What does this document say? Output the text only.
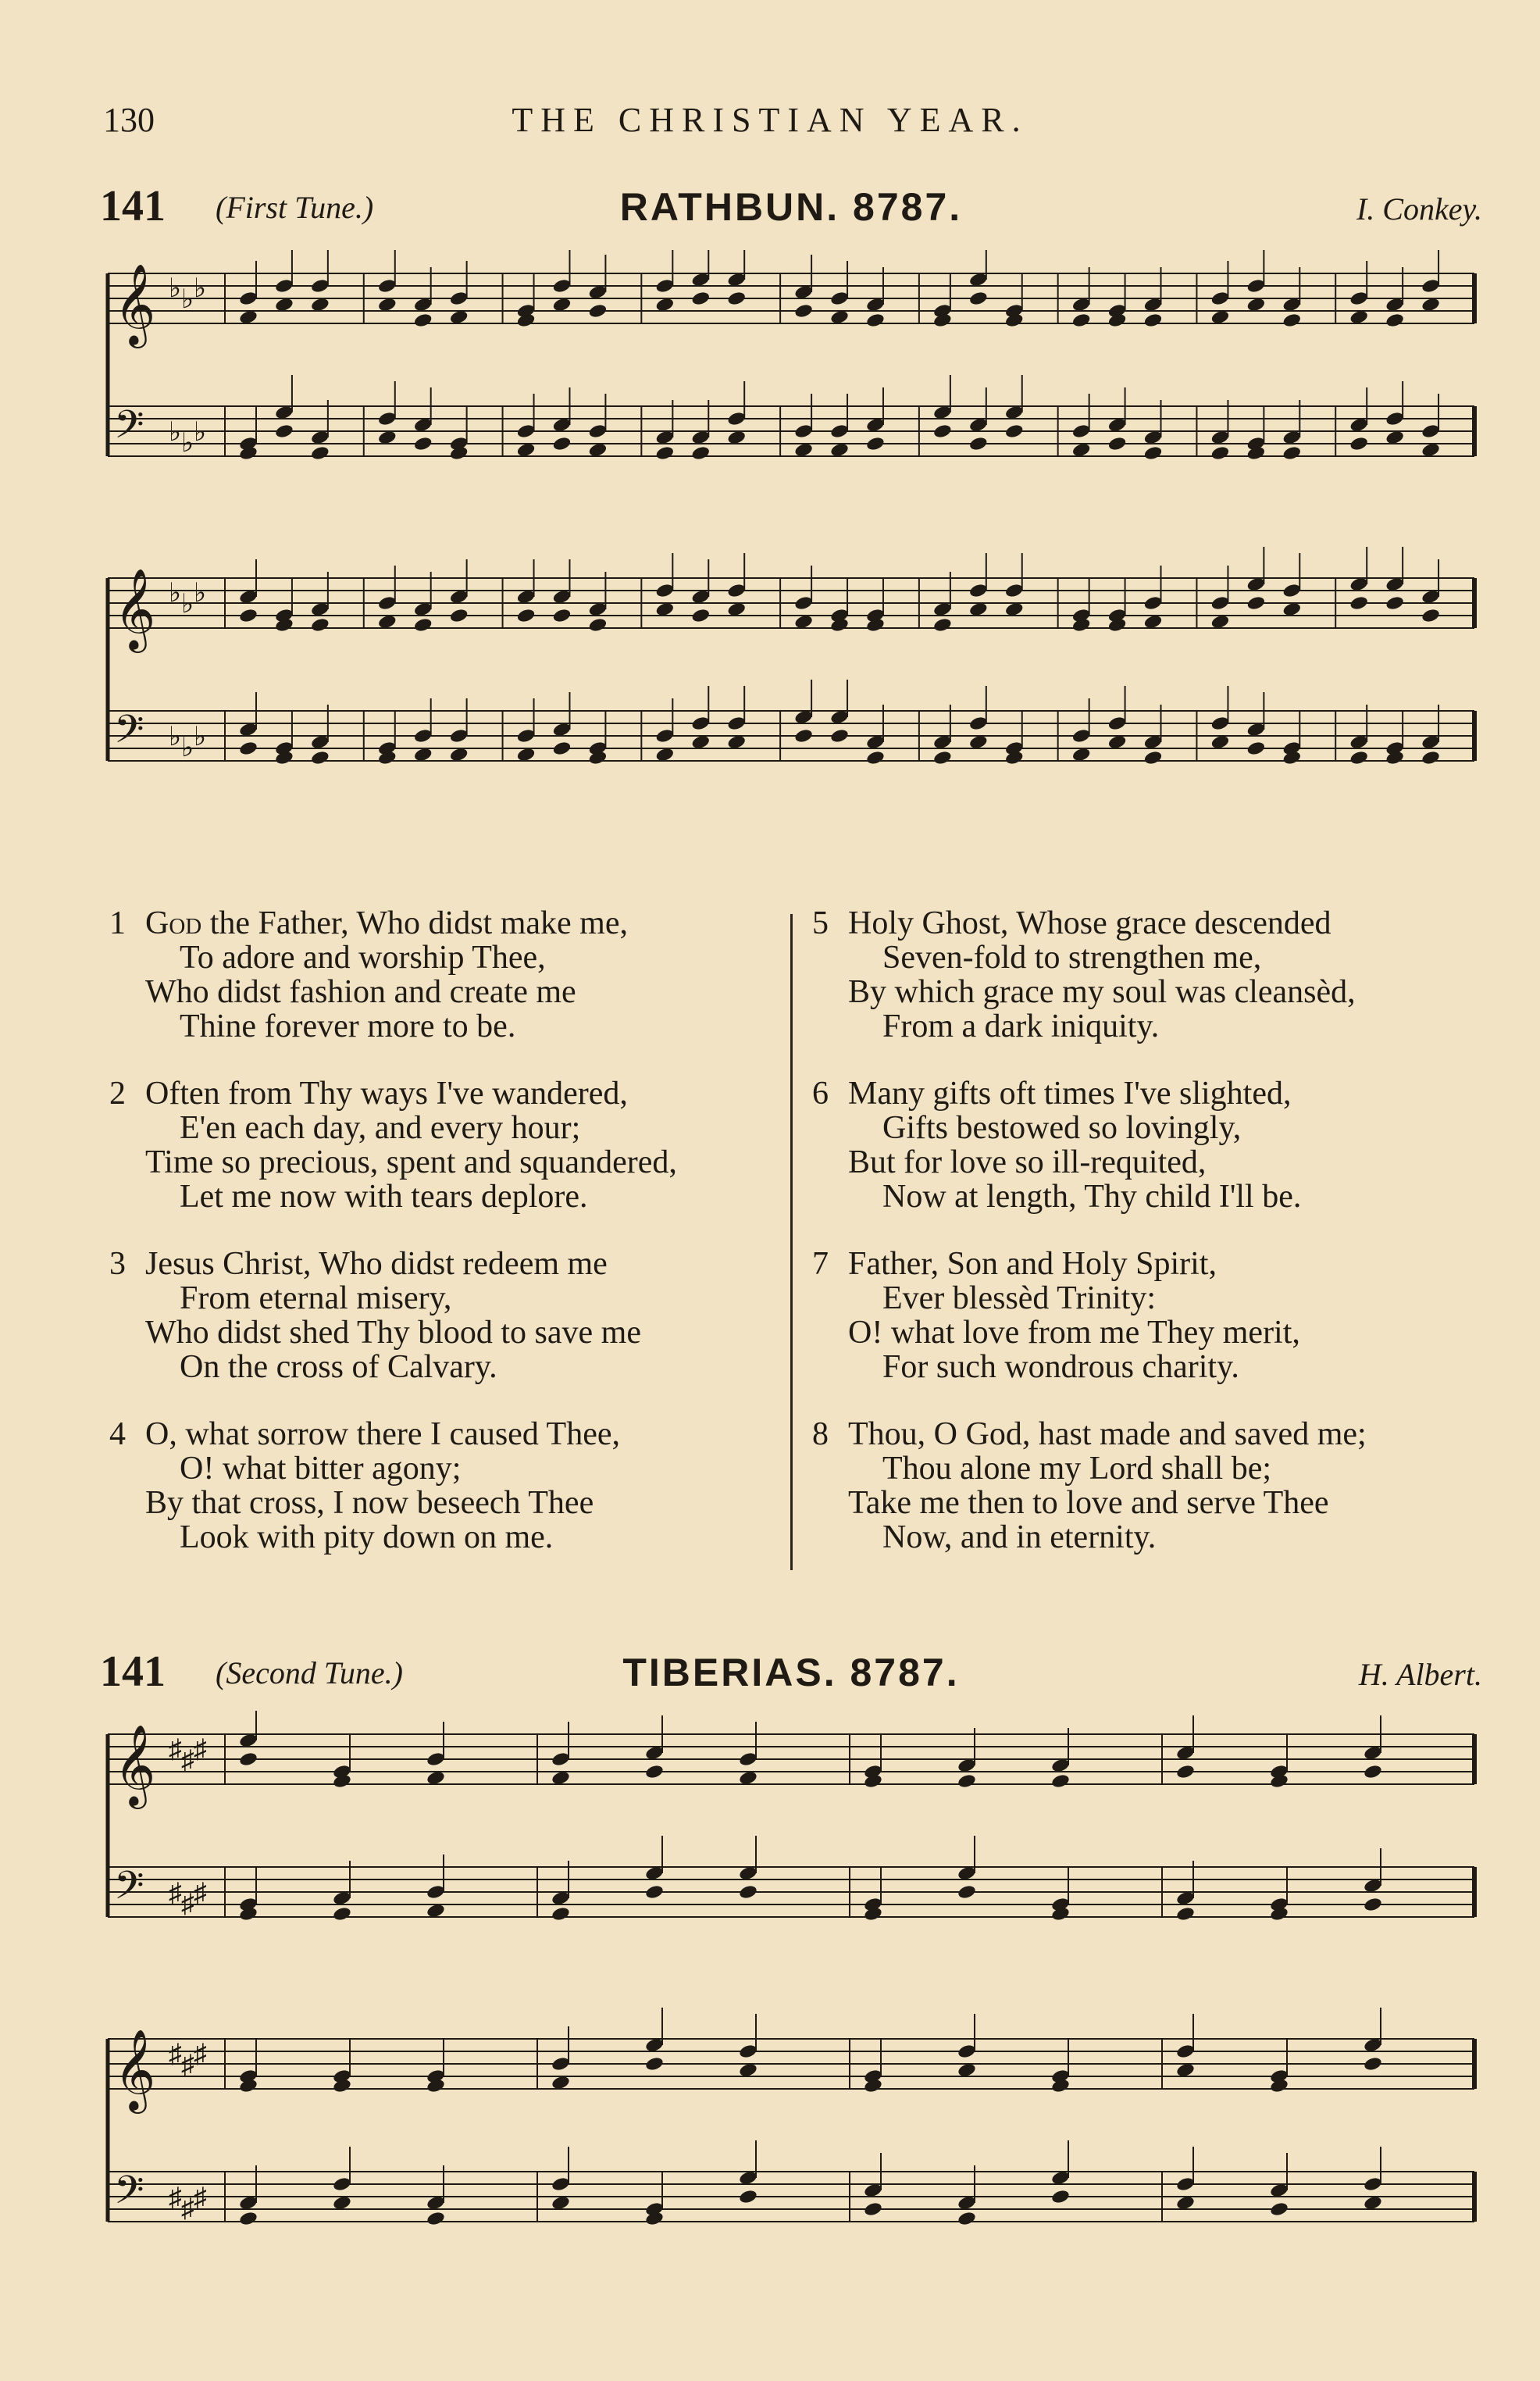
130	THE CHRISTIAN YEAR.
141 (First Tune.)	RATHBUN. 8787.	I. Conkey.
𝄞
𝄢
♭
♭
♭
♭
♭
♭
𝄞
𝄢
♭
♭
♭
♭
♭
♭
1 God the Father, Who didst make me,
To adore and worship Thee,
Who didst fashion and create me
Thine forever more to be.
2 Often from Thy ways I've wandered,
E'en each day, and every hour;
Time so precious, spent and squandered,
Let me now with tears deplore.
3 Jesus Christ, Who didst redeem me
From eternal misery,
Who didst shed Thy blood to save me
On the cross of Calvary.
4 O, what sorrow there I caused Thee,
O! what bitter agony;
By that cross, I now beseech Thee
Look with pity down on me.
5 Holy Ghost, Whose grace descended
Seven-fold to strengthen me,
By which grace my soul was cleansèd,
From a dark iniquity.
6 Many gifts oft times I've slighted,
Gifts bestowed so lovingly,
But for love so ill-requited,
Now at length, Thy child I'll be.
7 Father, Son and Holy Spirit,
Ever blessèd Trinity:
O! what love from me They merit,
For such wondrous charity.
8 Thou, O God, hast made and saved me;
Thou alone my Lord shall be;
Take me then to love and serve Thee
Now, and in eternity.
141 (Second Tune.)	TIBERIAS. 8787.	H. Albert.
𝄞
𝄢
♯
♯
♯
♯
♯
♯
𝄞
𝄢
♯
♯
♯
♯
♯
♯
